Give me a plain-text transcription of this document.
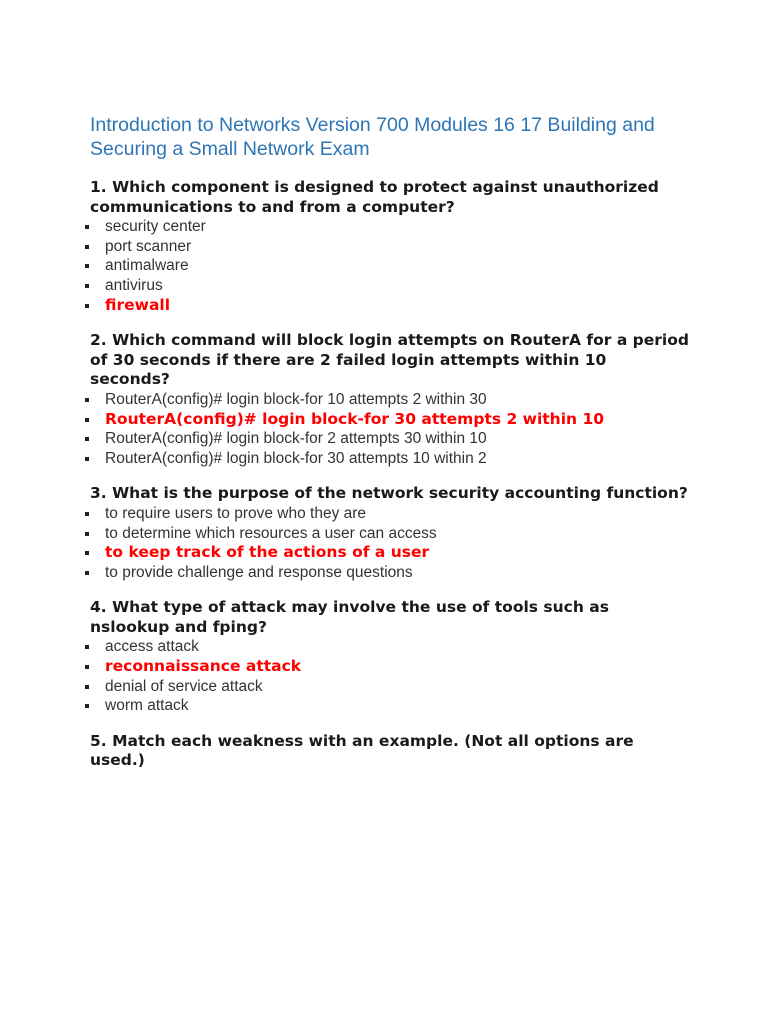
Introduction to Networks Version 700 Modules 16 17 Building and Securing a Small Network Exam

1. Which component is designed to protect against unauthorized communications to and from a computer?

security center
port scanner
antimalware
antivirus
firewall

2. Which command will block login attempts on RouterA for a period of 30 seconds if there are 2 failed login attempts within 10 seconds?

RouterA(config)# login block-for 10 attempts 2 within 30
RouterA(config)# login block-for 30 attempts 2 within 10
RouterA(config)# login block-for 2 attempts 30 within 10
RouterA(config)# login block-for 30 attempts 10 within 2

3. What is the purpose of the network security accounting function?

to require users to prove who they are
to determine which resources a user can access
to keep track of the actions of a user
to provide challenge and response questions

4. What type of attack may involve the use of tools such as nslookup and fping?

access attack
reconnaissance attack
denial of service attack
worm attack

5. Match each weakness with an example. (Not all options are used.)
